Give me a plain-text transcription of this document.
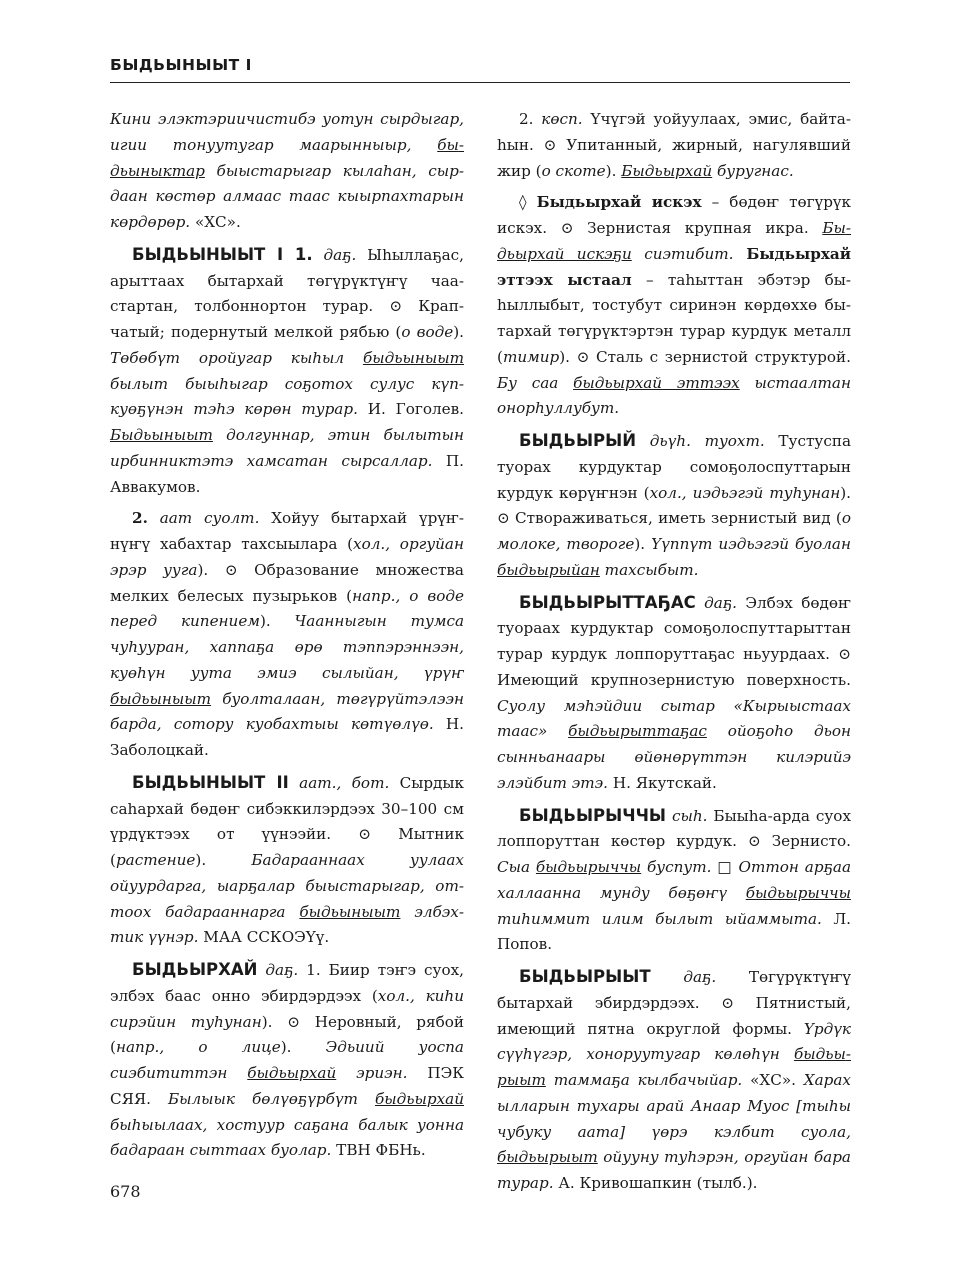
БЫДЬЫНЫЫТ I

Кини элэктэриичистибэ уотун сырдыгар, игии тонуутугар маарынныыр, быдьыныктар быыстарыгар кылаhан, сырдаан көстөр алмаас таас кыырпахтарын көрдөрөр. «ХС».

БЫДЬЫНЫЫТ I 1. даҕ. Ыhыллаҕас, арыттаах бытархай төгүрүктүҥү чаастартан, толбоннортон турар. ⊙ Крапчатый; подернутый мелкой рябью (о воде). Төбөбүт оройугар кыhыл быдьыныыт былыт быыhыгар соҕотох сулус күпкуөҕүнэн тэhэ көрөн турар. И. Гоголев. Быдьыныыт долгуннар, этин былытын ирбинниктэтэ хамсатан сырсаллар. П. Аввакумов.

2. аат суолт. Хойуу бытархай үрүҥнүҥү хабахтар тахсыылара (хол., оргуйан эрэр ууга). ⊙ Образование множества мелких белесых пузырьков (напр., о воде перед кипением). Чаанныгын тумса чуhууран, хаппаҕа өрө тэппэрэннээн, куөhүн уута эмиэ сылыйан, үрүҥ быдьыныыт буолталаан, төгүрүйтэлээн барда, сотору куобахтыы көтүөлүө. Н. Заболоцкай.

БЫДЬЫНЫЫТ II аат., бот. Сырдык саhархай бөдөҥ сибэккилэрдээх 30–100 см үрдүктээх от үүнээйи. ⊙ Мытник (растение). Бадарааннаах уулаах ойуурдарга, ыарҕалар быыстарыгар, оттоох бадарааннарга быдьыныыт элбэхтик үүнэр. МАА ССКОЭҮү.

БЫДЬЫРХАЙ даҕ. 1. Биир тэҥэ суох, элбэх баас онно эбирдэрдээх (хол., киhи сирэйин туhунан). ⊙ Неровный, рябой (напр., о лице). Эдьиий уоспа сиэбититтэн быдьырхай эриэн. ПЭК СЯЯ. Былыык бөлүөҕүрбүт быдьырхай быhыылаах, хостуур саҕана балык уонна бадараан сыттаах буолар. ТВН ФБНь.

2. көсп. Үчүгэй уойуулаах, эмис, байтаhын. ⊙ Упитанный, жирный, нагулявший жир (о скоте). Быдьырхай буругнас.

◊ Быдьырхай искэх – бөдөҥ төгүрүк искэх. ⊙ Зернистая крупная икра. Быдьырхай искэҕи сиэтибит. Быдьырхай эттээх ыстаал – таhыттан эбэтэр быhыллыбыт, тостубут сиринэн көрдөххө бытархай төгүрүктэртэн турар курдук металл (тимир). ⊙ Сталь с зернистой структурой. Бу саа быдьырхай эттээх ыстаалтан онорhуллубут.

БЫДЬЫРЫЙ дьүh. туохт. Тустуспа туорах курдуктар сомоҕолоспуттарын курдук көрүҥнэн (хол., иэдьэгэй туhунан). ⊙ Створаживаться, иметь зернистый вид (о молоке, твороге). Үүппүт иэдьэгэй буолан быдьырыйан тахсыбыт.

БЫДЬЫРЫТТАҔАС даҕ. Элбэх бөдөҥ туораах курдуктар сомоҕолоспуттарыттан турар курдук лоппоруттаҕас ньуурдаах. ⊙ Имеющий крупнозернистую поверхность. Суолу мэhэйдии сытар «Кырыыстаах таас» быдьырыттаҕас ойоҕоhо дьон сынньанаары өйөнөрүттэн килэрийэ элэйбит этэ. Н. Якутскай.

БЫДЬЫРЫЧЧЫ сыh. Быыhа-арда суох лоппоруттан көстөр курдук. ⊙ Зернисто. Сыа быдьырыччы буспут. □ Оттон арҕаа халлаанна мунду бөҕөҥү быдьырыччы тиhиммит илим былыт ыйаммыта. Л. Попов.

БЫДЬЫРЫЫТ даҕ. Төгүрүктүҥү бытархай эбирдэрдээх. ⊙ Пятнистый, имеющий пятна округлой формы. Үрдүк сүүhүгэр, хоноруутугар көлөhүн быдьырыыт таммаҕа кылбачыйар. «ХС». Харах ылларын тухары арай Анаар Муос [тыhы чубуку аата] үөрэ кэлбит суола, быдьырыыт ойууну туhэрэн, оргуйан бара турар. А. Кривошапкин (тылб.).

678
